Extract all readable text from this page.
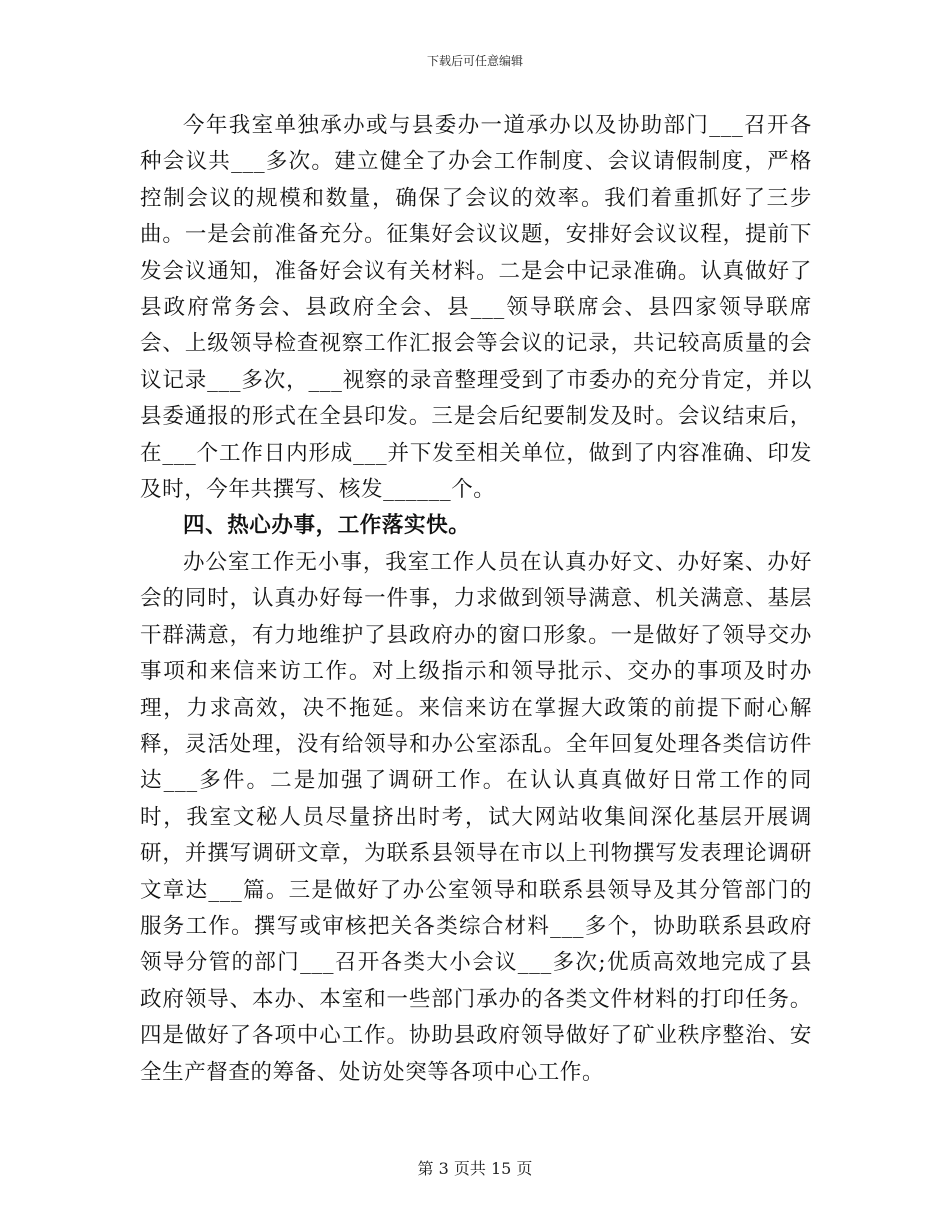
下载后可任意编辑

今年我室单独承办或与县委办一道承办以及协助部门___召开各种会议共___多次。建立健全了办会工作制度、会议请假制度，严格控制会议的规模和数量，确保了会议的效率。我们着重抓好了三步曲。一是会前准备充分。征集好会议议题，安排好会议议程，提前下发会议通知，准备好会议有关材料。二是会中记录准确。认真做好了县政府常务会、县政府全会、县___领导联席会、县四家领导联席会、上级领导检查视察工作汇报会等会议的记录，共记较高质量的会议记录___多次，___视察的录音整理受到了市委办的充分肯定，并以县委通报的形式在全县印发。三是会后纪要制发及时。会议结束后，在___个工作日内形成___并下发至相关单位，做到了内容准确、印发及时，今年共撰写、核发______个。

四、热心办事，工作落实快。

办公室工作无小事，我室工作人员在认真办好文、办好案、办好会的同时，认真办好每一件事，力求做到领导满意、机关满意、基层干群满意，有力地维护了县政府办的窗口形象。一是做好了领导交办事项和来信来访工作。对上级指示和领导批示、交办的事项及时办理，力求高效，决不拖延。来信来访在掌握大政策的前提下耐心解释，灵活处理，没有给领导和办公室添乱。全年回复处理各类信访件达___多件。二是加强了调研工作。在认认真真做好日常工作的同时，我室文秘人员尽量挤出时考，试大网站收集间深化基层开展调研，并撰写调研文章，为联系县领导在市以上刊物撰写发表理论调研文章达___篇。三是做好了办公室领导和联系县领导及其分管部门的服务工作。撰写或审核把关各类综合材料___多个，协助联系县政府领导分管的部门___召开各类大小会议___多次;优质高效地完成了县政府领导、本办、本室和一些部门承办的各类文件材料的打印任务。四是做好了各项中心工作。协助县政府领导做好了矿业秩序整治、安全生产督查的筹备、处访处突等各项中心工作。

第 3 页共 15 页
